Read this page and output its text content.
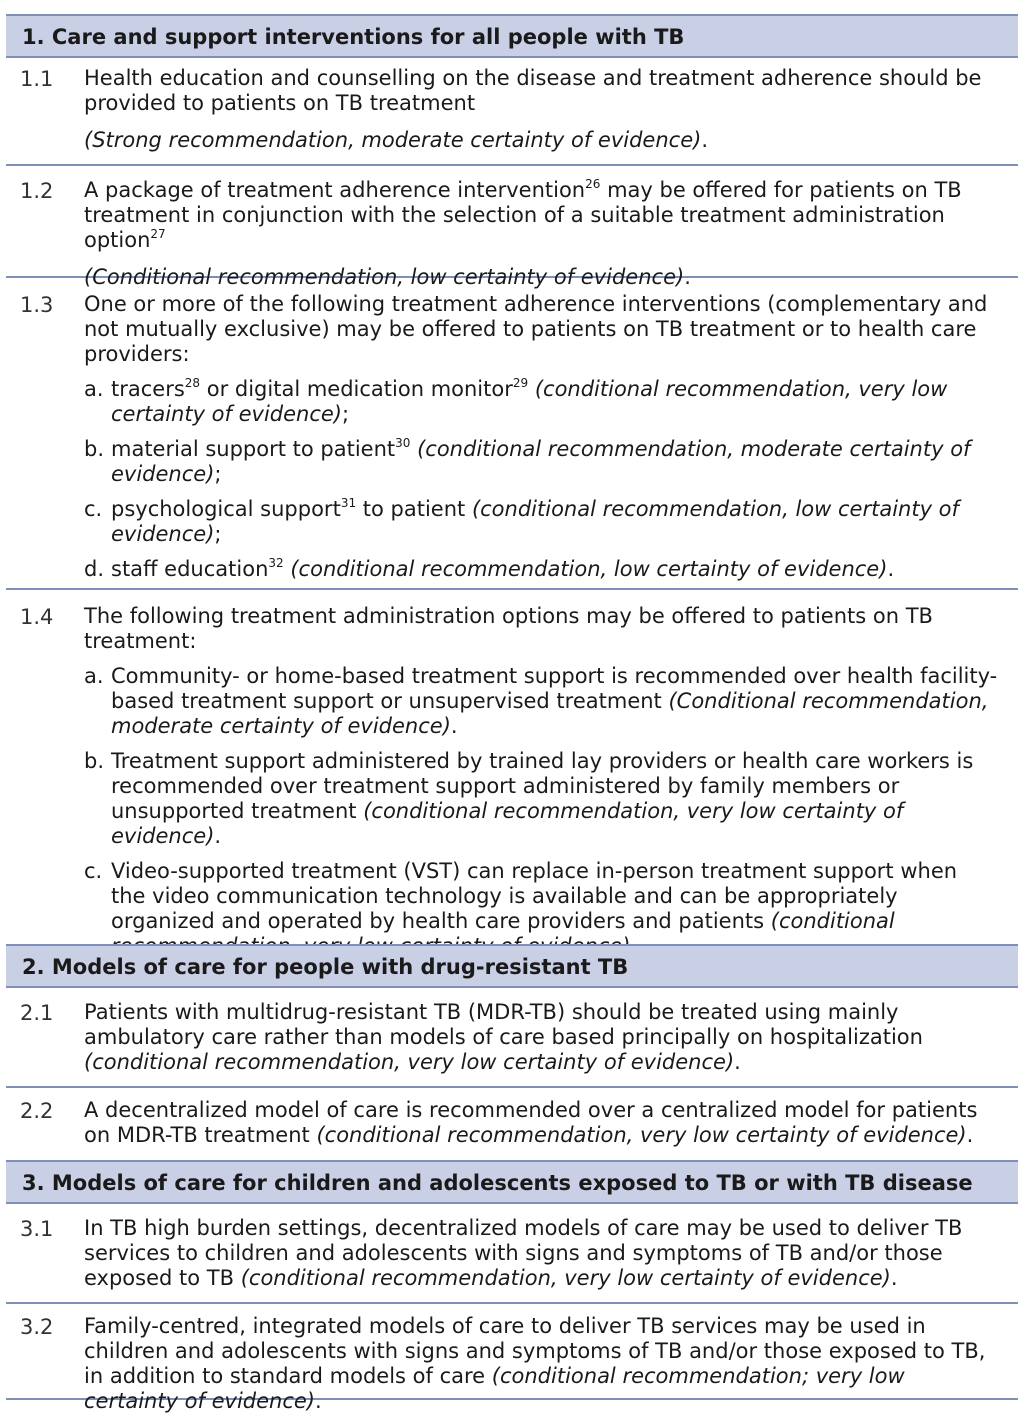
1. Care and support interventions for all people with TB
1.1 Health education and counselling on the disease and treatment adherence should be provided to patients on TB treatment

(Strong recommendation, moderate certainty of evidence).

1.2 A package of treatment adherence intervention$^{26}$ may be offered for patients on TB treatment in conjunction with the selection of a suitable treatment administration option$^{27}$

(Conditional recommendation, low certainty of evidence).

1.3 One or more of the following treatment adherence interventions (complementary and not mutually exclusive) may be offered to patients on TB treatment or to health care providers:

a. tracers$^{28}$ or digital medication monitor$^{29}$ (conditional recommendation, very low certainty of evidence);
b. material support to patient$^{30}$ (conditional recommendation, moderate certainty of evidence);
c. psychological support$^{31}$ to patient (conditional recommendation, low certainty of evidence);
d. staff education$^{32}$ (conditional recommendation, low certainty of evidence).
1.4 The following treatment administration options may be offered to patients on TB treatment:

a. Community- or home-based treatment support is recommended over health facility-based treatment support or unsupervised treatment (Conditional recommendation, moderate certainty of evidence).
b. Treatment support administered by trained lay providers or health care workers is recommended over treatment support administered by family members or unsupported treatment (conditional recommendation, very low certainty of evidence).
c. Video-supported treatment (VST) can replace in-person treatment support when the video communication technology is available and can be appropriately organized and operated by health care providers and patients (conditional
2. Models of care for people with drug-resistant TB
2.1 Patients with multidrug-resistant TB (MDR-TB) should be treated using mainly ambulatory care rather than models of care based principally on hospitalization (conditional recommendation, very low certainty of evidence).

2.2 A decentralized model of care is recommended over a centralized model for patients on MDR-TB treatment (conditional recommendation, very low certainty of evidence).

3. Models of care for children and adolescents exposed to TB or with TB disease
3.1 In TB high burden settings, decentralized models of care may be used to deliver TB services to children and adolescents with signs and symptoms of TB and/or those exposed to TB (conditional recommendation, very low certainty of evidence).

3.2 Family-centred, integrated models of care to deliver TB services may be used in children and adolescents with signs and symptoms of TB and/or those exposed to TB, in addition to standard models of care (conditional recommendation; very low certainty of evidence).
